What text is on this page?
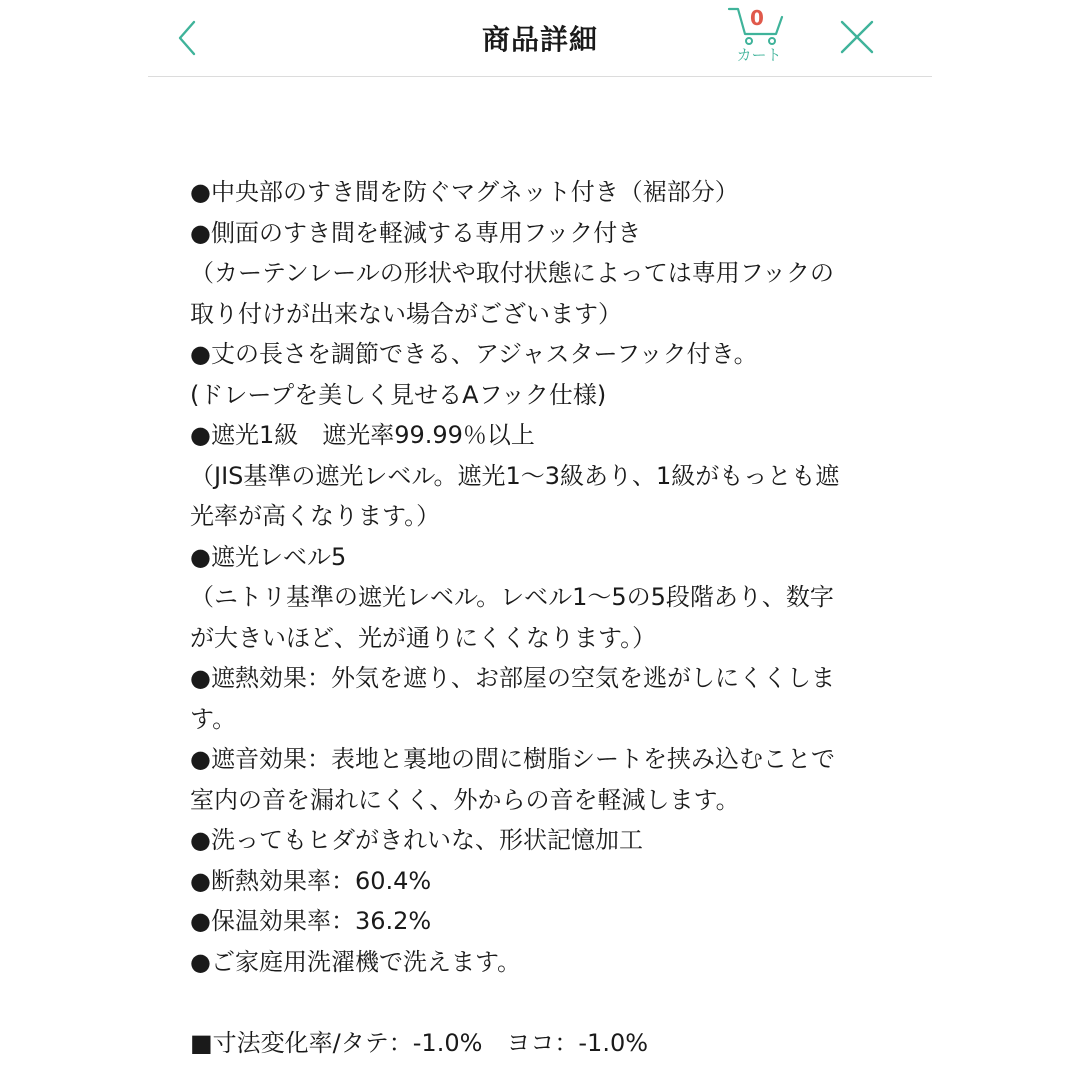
商品詳細
0
カート

●中央部のすき間を防ぐマグネット付き（裾部分）

●側面のすき間を軽減する専用フック付き

（カーテンレールの形状や取付状態によっては専用フックの

取り付けが出来ない場合がございます）

●丈の長さを調節できる、アジャスターフック付き。

(ドレープを美しく見せるAフック仕様)

●遮光1級　遮光率99.99％以上

（JIS基準の遮光レベル。遮光1〜3級あり、1級がもっとも遮

光率が高くなります。）

●遮光レベル5

（ニトリ基準の遮光レベル。レベル1〜5の5段階あり、数字

が大きいほど、光が通りにくくなります。）

●遮熱効果：外気を遮り、お部屋の空気を逃がしにくくしま

す。

●遮音効果：表地と裏地の間に樹脂シートを挟み込むことで

室内の音を漏れにくく、外からの音を軽減します。

●洗ってもヒダがきれいな、形状記憶加工

●断熱効果率：60.4%

●保温効果率：36.2%

●ご家庭用洗濯機で洗えます。

■寸法変化率/タテ：-1.0%　ヨコ：-1.0%
